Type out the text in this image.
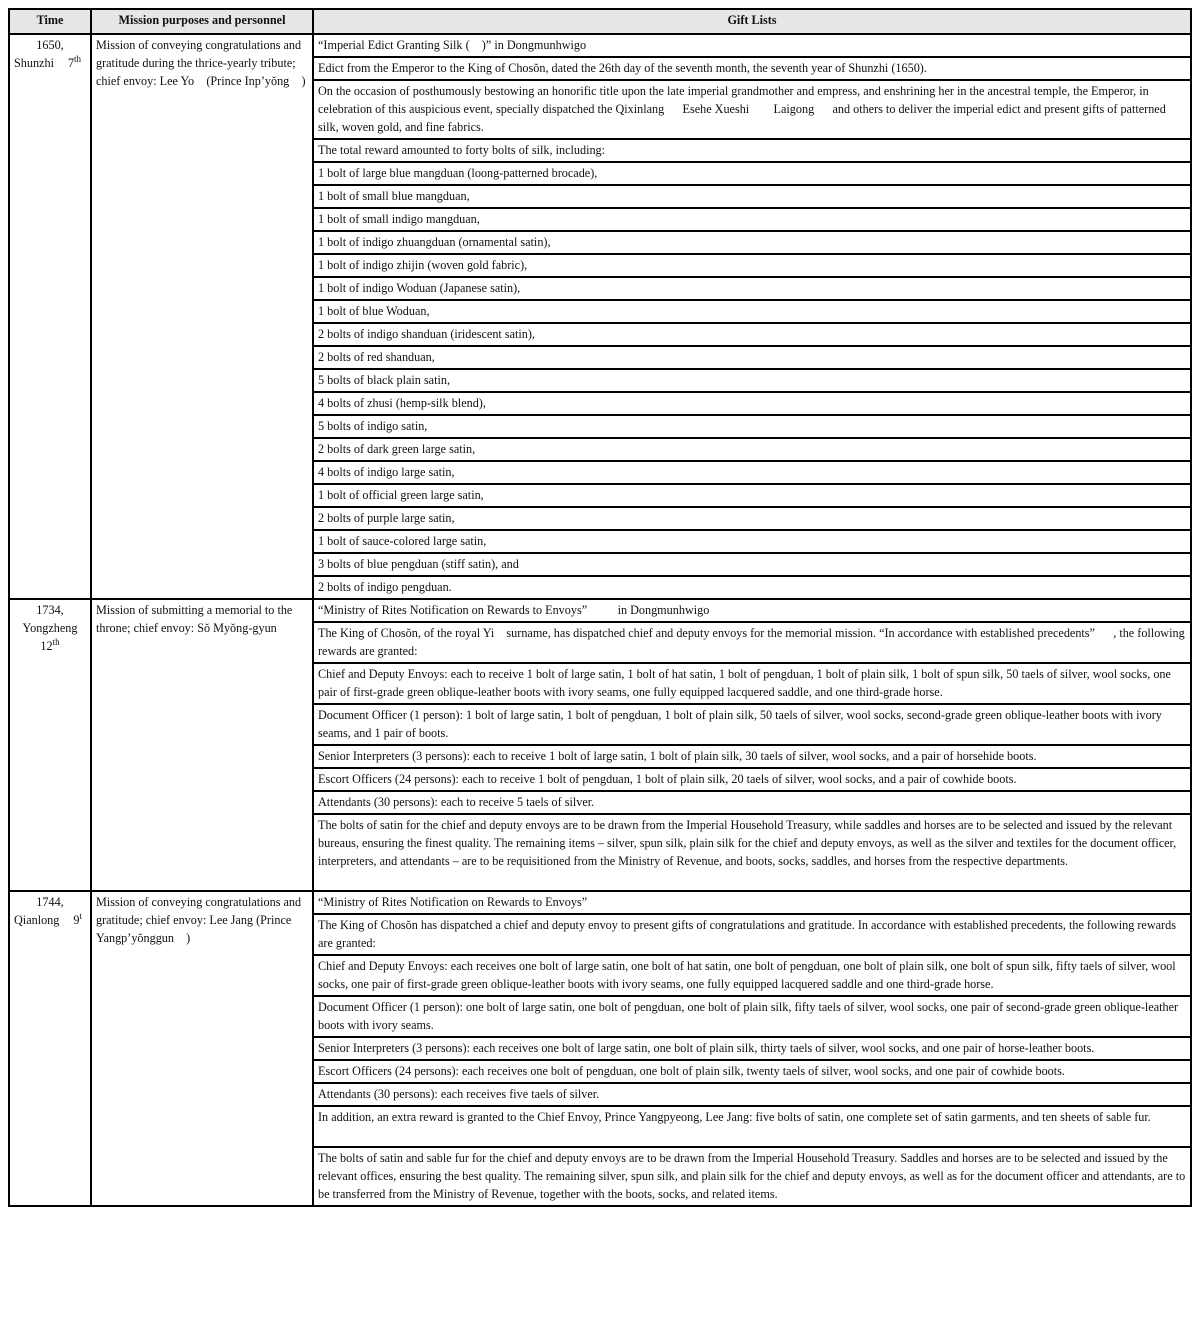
Time	Mission purposes and personnel	Gift Lists

1650,
Shunzhi 7th	Mission of conveying congratulations and gratitude during the thrice-yearly tribute; chief envoy: Lee Yo  (Prince Inp’yŏng  )	“Imperial Edict Granting Silk (  )” in Dongmunhwigo
		Edict from the Emperor to the King of Chosŏn, dated the 26th day of the seventh month, the seventh year of Shunzhi (1650).
		On the occasion of posthumously bestowing an honorific title upon the late imperial grandmother and empress, and enshrining her in the ancestral temple, the Emperor, in celebration of this auspicious event, specially dispatched the Qixinlang   Esehe Xueshi    Laigong   and others to deliver the imperial edict and present gifts of patterned silk, woven gold, and fine fabrics.
		The total reward amounted to forty bolts of silk, including:
		1 bolt of large blue mangduan (loong-patterned brocade),
		1 bolt of small blue mangduan,
		1 bolt of small indigo mangduan,
		1 bolt of indigo zhuangduan (ornamental satin),
		1 bolt of indigo zhijin (woven gold fabric),
		1 bolt of indigo Woduan (Japanese satin),
		1 bolt of blue Woduan,
		2 bolts of indigo shanduan (iridescent satin),
		2 bolts of red shanduan,
		5 bolts of black plain satin,
		4 bolts of zhusi (hemp-silk blend),
		5 bolts of indigo satin,
		2 bolts of dark green large satin,
		4 bolts of indigo large satin,
		1 bolt of official green large satin,
		2 bolts of purple large satin,
		1 bolt of sauce-colored large satin,
		3 bolts of blue pengduan (stiff satin), and
		2 bolts of indigo pengduan.

1734,
Yongzheng
12th	Mission of submitting a memorial to the throne; chief envoy: Sŏ Myŏng-gyun	“Ministry of Rites Notification on Rewards to Envoys”     in Dongmunhwigo
		The King of Chosŏn, of the royal Yi  surname, has dispatched chief and deputy envoys for the memorial mission. “In accordance with established precedents”   , the following rewards are granted:
		Chief and Deputy Envoys: each to receive 1 bolt of large satin, 1 bolt of hat satin, 1 bolt of pengduan, 1 bolt of plain silk, 1 bolt of spun silk, 50 taels of silver, wool socks, one pair of first-grade green oblique-leather boots with ivory seams, one fully equipped lacquered saddle, and one third-grade horse.
		Document Officer (1 person): 1 bolt of large satin, 1 bolt of pengduan, 1 bolt of plain silk, 50 taels of silver, wool socks, second-grade green oblique-leather boots with ivory seams, and 1 pair of boots.
		Senior Interpreters (3 persons): each to receive 1 bolt of large satin, 1 bolt of plain silk, 30 taels of silver, wool socks, and a pair of horsehide boots.
		Escort Officers (24 persons): each to receive 1 bolt of pengduan, 1 bolt of plain silk, 20 taels of silver, wool socks, and a pair of cowhide boots.
		Attendants (30 persons): each to receive 5 taels of silver.
		The bolts of satin for the chief and deputy envoys are to be drawn from the Imperial Household Treasury, while saddles and horses are to be selected and issued by the relevant bureaus, ensuring the finest quality. The remaining items – silver, spun silk, plain silk for the chief and deputy envoys, as well as the silver and textiles for the document officer, interpreters, and attendants – are to be requisitioned from the Ministry of Revenue, and boots, socks, saddles, and horses from the respective departments.

1744,
Qianlong 9$^t$	Mission of conveying congratulations and gratitude; chief envoy: Lee Jang (Prince Yangp’yŏnggun  )	“Ministry of Rites Notification on Rewards to Envoys”
		The King of Chosŏn has dispatched a chief and deputy envoy to present gifts of congratulations and gratitude. In accordance with established precedents, the following rewards are granted:
		Chief and Deputy Envoys: each receives one bolt of large satin, one bolt of hat satin, one bolt of pengduan, one bolt of plain silk, one bolt of spun silk, fifty taels of silver, wool socks, one pair of first-grade green oblique-leather boots with ivory seams, one fully equipped lacquered saddle and one third-grade horse.
		Document Officer (1 person): one bolt of large satin, one bolt of pengduan, one bolt of plain silk, fifty taels of silver, wool socks, one pair of second-grade green oblique-leather boots with ivory seams.
		Senior Interpreters (3 persons): each receives one bolt of large satin, one bolt of plain silk, thirty taels of silver, wool socks, and one pair of horse-leather boots.
		Escort Officers (24 persons): each receives one bolt of pengduan, one bolt of plain silk, twenty taels of silver, wool socks, and one pair of cowhide boots.
		Attendants (30 persons): each receives five taels of silver.
		In addition, an extra reward is granted to the Chief Envoy, Prince Yangpyeong, Lee Jang: five bolts of satin, one complete set of satin garments, and ten sheets of sable fur.
		The bolts of satin and sable fur for the chief and deputy envoys are to be drawn from the Imperial Household Treasury. Saddles and horses are to be selected and issued by the relevant offices, ensuring the best quality. The remaining silver, spun silk, and plain silk for the chief and deputy envoys, as well as for the document officer and attendants, are to be transferred from the Ministry of Revenue, together with the boots, socks, and related items.
